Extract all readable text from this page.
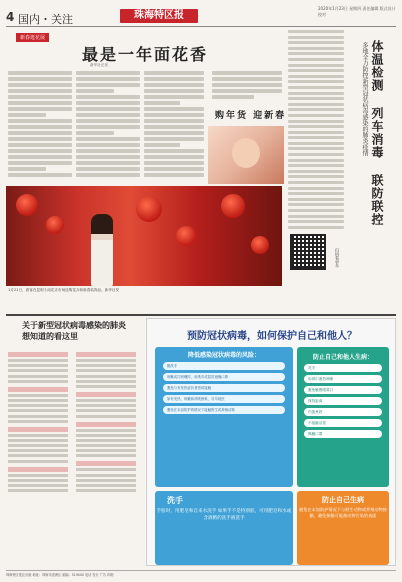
4 国内・关注	珠海特区报
2020年1月23日 星期四 责任编辑 版式设计 校对
新春逛花展
最是一年面花香
新华社记者
购年货 迎新春
1月21日，游客在昆明斗南花卉市场选购花卉和新春装饰品。新华社发
体温检测 列车消毒 联防联控
多地全力防控新型冠状病毒感染的肺炎疫情
扫码看更多
关于新型冠状病毒感染的肺炎 想知道的看这里	预防冠状病毒，如何保护自己和他人？
降低感染冠状病毒的风险：
勤洗手
咳嗽或打喷嚏时，用纸巾或屈肘遮掩口鼻
避免与有发热症状者密切接触
如有发热、咳嗽和呼吸困难，尽早就医
避免在未加防护的情况下接触野生或养殖动物
防止自己和他人生病：
洗手
用纸巾遮挡咳嗽
避免触摸眼鼻口
保持距离
肉蛋煮熟
不接触活禽
佩戴口罩
洗手

手脏时，用肥皂和自来水洗手 如果手不是特别脏，可用肥皂和水或含酒精的洗手液洗手

防止自己生病

避免在未加防护情况下与野生动物或养殖动物接触，避免接触可能被动物污染的表面

珠海特区报社出版 地址：珠海市香洲区 邮编：519000 电话 发行 广告 印刷
